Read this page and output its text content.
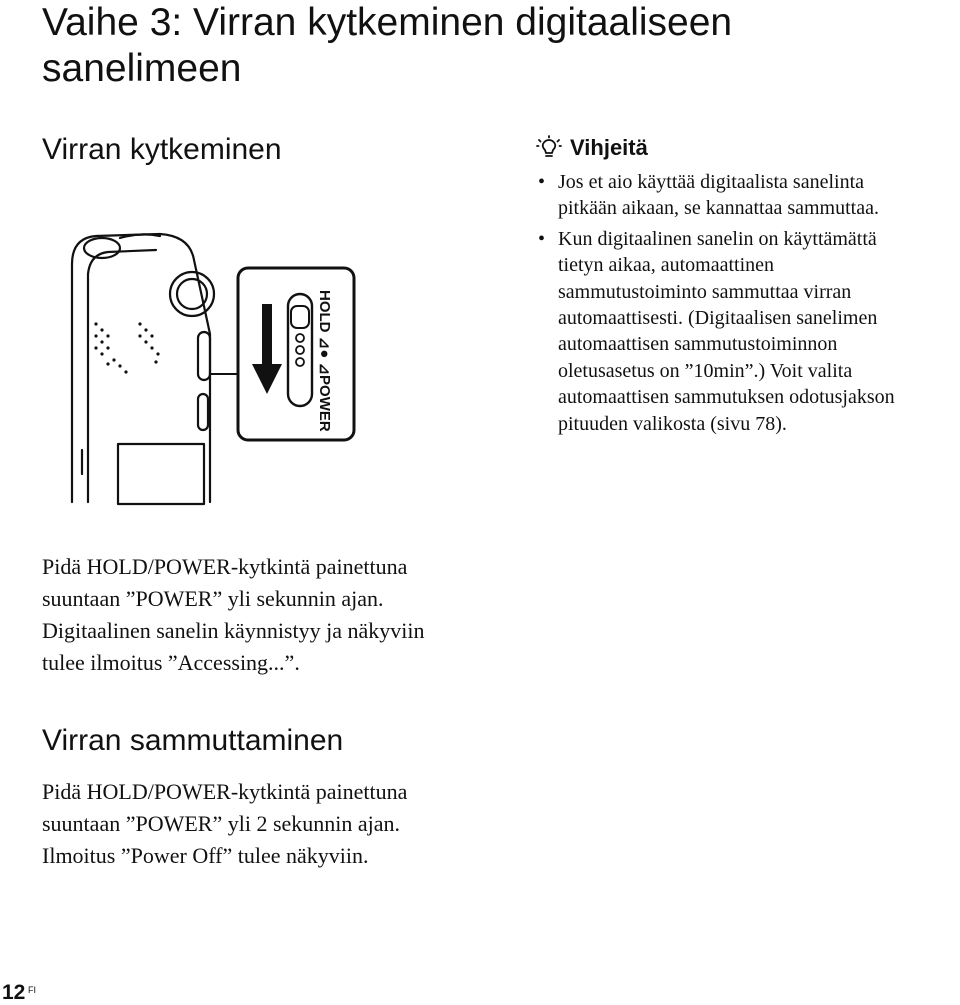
Vaihe 3: Virran kytkeminen digitaaliseen sanelimeen
Virran kytkeminen
HOLD ⊿● ⊿POWER
Pidä HOLD/POWER-kytkintä painettuna
suuntaan ”POWER” yli sekunnin ajan.
Digitaalinen sanelin käynnistyy ja näkyviin
tulee ilmoitus ”Accessing...”.
Vihjeitä
• Jos et aio käyttää digitaalista sanelinta
pitkään aikaan, se kannattaa sammuttaa.
• Kun digitaalinen sanelin on käyttämättä
tietyn aikaa, automaattinen
sammutustoiminto sammuttaa virran
automaattisesti. (Digitaalisen sanelimen
automaattisen sammutustoiminnon
oletusasetus on ”10min”.) Voit valita
automaattisen sammutuksen odotusjakson
pituuden valikosta (sivu 78).
Virran sammuttaminen
Pidä HOLD/POWER-kytkintä painettuna
suuntaan ”POWER” yli 2 sekunnin ajan.
Ilmoitus ”Power Off” tulee näkyviin.
12 FI
